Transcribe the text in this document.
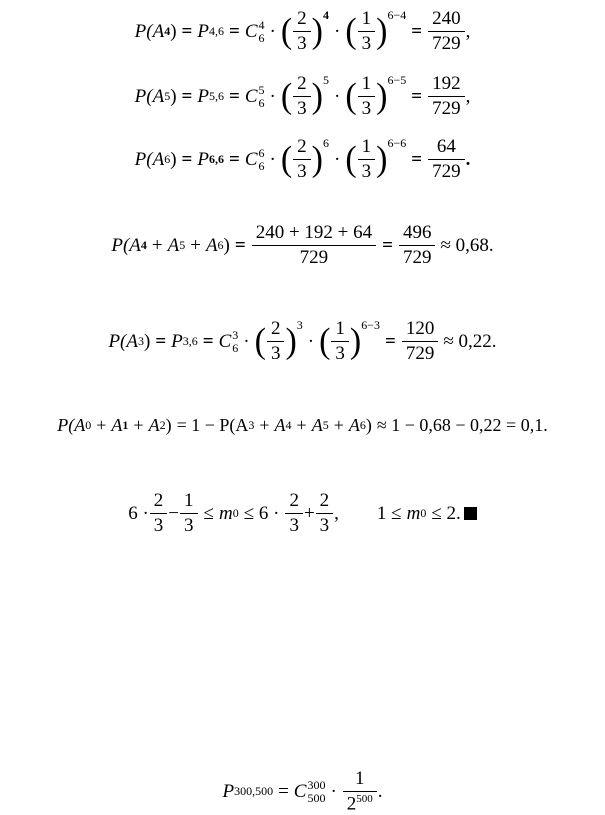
P(A 4 ) = P 4,6 = C 4
6 · ( $\frac{2}{3}$ ) 4
· ( $\frac{1}{3}$ ) 6−4
= $\frac{240}{729}$ ,
P(A 5 ) = P 5,6 = C 5
6 · ( $\frac{2}{3}$ ) 5
· ( $\frac{1}{3}$ ) 6−5
= $\frac{192}{729}$ ,
P(A 6 ) = P 6,6 = C 6
6 · ( $\frac{2}{3}$ ) 6
· ( $\frac{1}{3}$ ) 6−6
= $\frac{64}{729}$ .
P(A 4 + A 5 + A 6 ) = $\frac{240 + 192 + 64}{729} = \frac{496}{729} \approx 0,68$.
P(A 3 ) = P 3,6 = C 3
6 · ( $\frac{2}{3}$ ) 3
· ( $\frac{1}{3}$ ) 6−3
= $\frac{120}{729} \approx 0,22$.
P(A 0 + A 1 + A 2 ) = 1 − P(A 3 + A 4 + A 5 + A 6 ) ≈ 1 − 0,68 − 0,22 = 0,1.
$6 \cdot \frac{2}{3} - \frac{1}{3} \le m$ $0 \le 6 \cdot \frac{2}{3} + \frac{2}{3}$ , 1 ≤ m 0 ≤ 2.
P 300,500 = C 300
$500 \cdot \frac{1}{2^{500}}$ .
